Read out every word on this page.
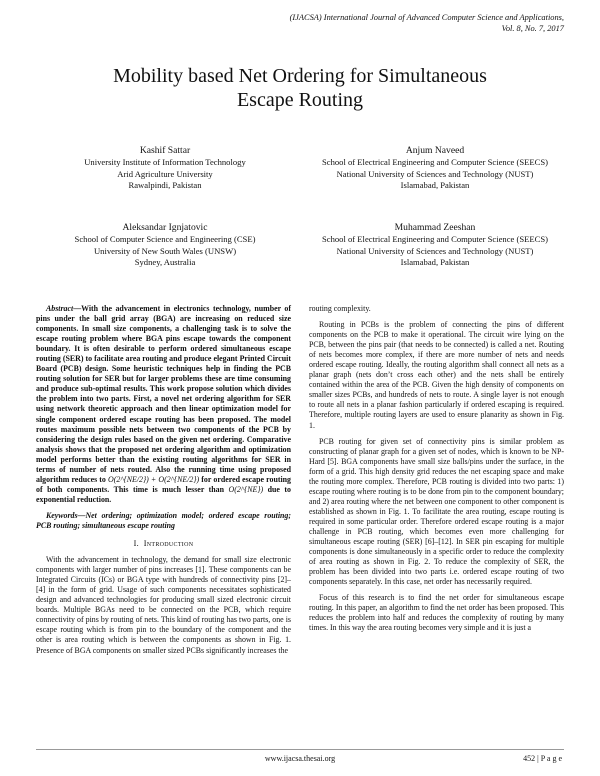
(IJACSA) International Journal of Advanced Computer Science and Applications,
Vol. 8, No. 7, 2017
Mobility based Net Ordering for Simultaneous
Escape Routing
Kashif Sattar
University Institute of Information Technology
Arid Agriculture University
Rawalpindi, Pakistan
Anjum Naveed
School of Electrical Engineering and Computer Science (SEECS)
National University of Sciences and Technology (NUST)
Islamabad, Pakistan
Aleksandar Ignjatovic
School of Computer Science and Engineering (CSE)
University of New South Wales (UNSW)
Sydney, Australia
Muhammad Zeeshan
School of Electrical Engineering and Computer Science (SEECS)
National University of Sciences and Technology (NUST)
Islamabad, Pakistan

Abstract—With the advancement in electronics technology, number of pins under the ball grid array (BGA) are increasing on reduced size components. In small size components, a challenging task is to solve the escape routing problem where BGA pins escape towards the component boundary. It is often desirable to perform ordered simultaneous escape routing (SER) to facilitate area routing and produce elegant Printed Circuit Board (PCB) design. Some heuristic techniques help in finding the PCB routing solution for SER but for larger problems these are time consuming and produce sub-optimal results. This work propose solution which divides the problem into two parts. First, a novel net ordering algorithm for SER using network theoretic approach and then linear optimization model for single component ordered escape routing has been proposed. The model routes maximum possible nets between two components of the PCB by considering the design rules based on the given net ordering. Comparative analysis shows that the proposed net ordering algorithm and optimization model performs better than the existing routing algorithms for SER in terms of number of nets routed. Also the running time using proposed algorithm reduces to O(2^{NE/2}) + O(2^{NE/2}) for ordered escape routing of both components. This time is much lesser than O(2^{NE}) due to exponential reduction.

Keywords—Net ordering; optimization model; ordered escape routing; PCB routing; simultaneous escape routing

I. Introduction

With the advancement in technology, the demand for small size electronic components with larger number of pins increases [1]. These components can be Integrated Circuits (ICs) or BGA type with hundreds of connectivity pins [2]–[4] in the form of grid. Usage of such components necessitates sophisticated design and advanced technologies for producing small sized electronic circuit boards. Multiple BGAs need to be connected on the PCB, which require connectivity of pins by routing of nets. This kind of routing has two parts, one is escape routing which is from pin to the boundary of the component and the other is area routing which is between the components as shown in Fig. 1. Presence of BGA components on smaller sized PCBs significantly increases the

routing complexity.

Routing in PCBs is the problem of connecting the pins of different components on the PCB to make it operational. The circuit wire lying on the PCB, between the pins pair (that needs to be connected) is called a net. Routing of nets becomes more complex, if there are more number of nets and needs ordered escape routing. Ideally, the routing algorithm shall connect all nets as a planar graph (nets don’t cross each other) and the nets shall be entirely contained within the area of the PCB. Given the high density of components on smaller sizes PCBs, and hundreds of nets to route. A single layer is not enough to route all nets in a planar fashion particularly if ordered escaping is required. Therefore, multiple routing layers are used to ensure planarity as shown in Fig. 1.

PCB routing for given set of connectivity pins is similar problem as constructing of planar graph for a given set of nodes, which is known to be NP-Hard [5]. BGA components have small size balls/pins under the surface, in the form of a grid. This high density grid reduces the net escaping space and make the routing more complex. Therefore, PCB routing is divided into two parts: 1) escape routing where routing is to be done from pin to the component boundary; and 2) area routing where the net between one component to other component is established as shown in Fig. 1. To facilitate the area routing, escape routing is required in some particular order. Therefore ordered escape routing is a major challenge in PCB routing, which becomes even more challenging for simultaneous escape routing (SER) [6]–[12]. In SER pin escaping for multiple components is done simultaneously in a specific order to reduce the complexity of area routing as shown in Fig. 2. To reduce the complexity of SER, the problem has been divided into two parts i.e. ordered escape routing of two components separately. In this case, net order has necessarily required.

Focus of this research is to find the net order for simultaneous escape routing. In this paper, an algorithm to find the net order has been proposed. This reduces the problem into half and reduces the complexity of routing by many times. In this way the area routing becomes very simple and it is just a

www.ijacsa.thesai.org	452 | P a g e
